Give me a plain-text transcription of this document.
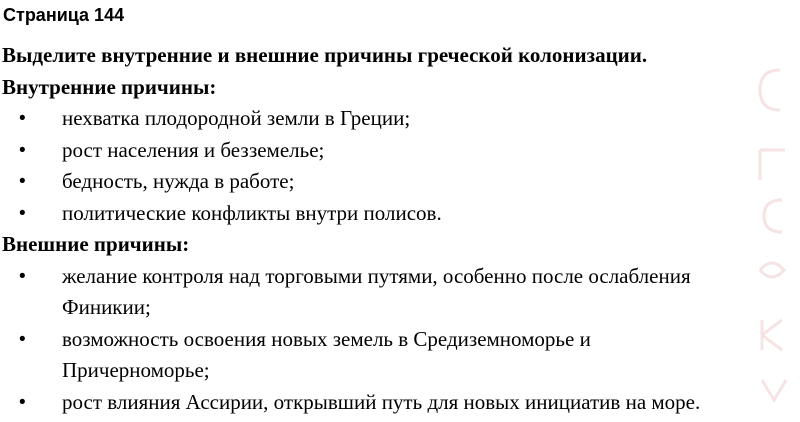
Страница 144
Выделите внутренние и внешние причины греческой колонизации.
Внутренние причины:
• нехватка плодородной земли в Греции;
• рост населения и безземелье;
• бедность, нужда в работе;
• политические конфликты внутри полисов.
Внешние причины:
• желание контроля над торговыми путями, особенно после ослабления
Финикии;
• возможность освоения новых земель в Средиземноморье и
Причерноморье;
• рост влияния Ассирии, открывший путь для новых инициатив на море.
